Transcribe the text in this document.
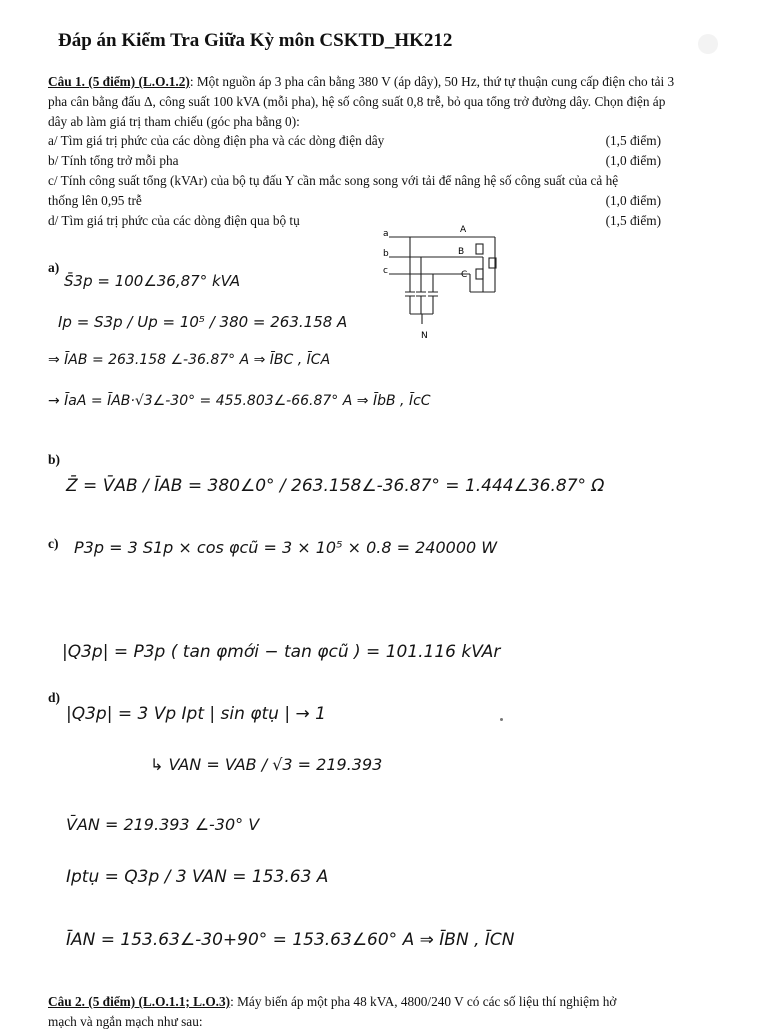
Đáp án Kiểm Tra Giữa Kỳ môn CSKTD_HK212
Câu 1. (5 điểm) (L.O.1.2): Một nguồn áp 3 pha cân bằng 380 V (áp dây), 50 Hz, thứ tự thuận cung cấp điện cho tải 3 pha cân bằng đấu Δ, công suất 100 kVA (mỗi pha), hệ số công suất 0,8 trễ, bỏ qua tổng trở đường dây. Chọn điện áp dây ab làm giá trị tham chiếu (góc pha bằng 0):
a/ Tìm giá trị phức của các dòng điện pha và các dòng điện dây	(1,5 điểm)
b/ Tính tổng trở mỗi pha	(1,0 điểm)
c/ Tính công suất tổng (kVAr) của bộ tụ đấu Y cần mắc song song với tải để nâng hệ số công suất của cả hệ
thống lên 0,95 trễ	(1,0 điểm)
d/ Tìm giá trị phức của các dòng điện qua bộ tụ	(1,5 điểm)
a
b
c
A
B
C
N
a)
S̄3p = 100∠36,87° kVA
Ip = S3p / Up = 10⁵ / 380 = 263.158 A
⇒ ĪAB = 263.158 ∠-36.87° A ⇒ ĪBC , ĪCA
→ ĪaA = ĪAB·√3∠-30° = 455.803∠-66.87° A ⇒ ĪbB , ĪcC
b)
Z̄ = V̄AB / ĪAB = 380∠0° / 263.158∠-36.87° = 1.444∠36.87° Ω
c) P3p = 3 S1p × cos φcũ = 3 × 10⁵ × 0.8 = 240000 W
|Q3p| = P3p ( tan φmới − tan φcũ ) = 101.116 kVAr
d)
|Q3p| = 3 Vp Ipt | sin φtụ | → 1
↳ VAN = VAB / √3 = 219.393
V̄AN = 219.393 ∠-30° V
Iptụ = Q3p / 3 VAN = 153.63 A
ĪAN = 153.63∠-30+90° = 153.63∠60° A ⇒ ĪBN , ĪCN
Câu 2. (5 điểm) (L.O.1.1; L.O.3): Máy biến áp một pha 48 kVA, 4800/240 V có các số liệu thí nghiệm hở
mạch và ngắn mạch như sau:
